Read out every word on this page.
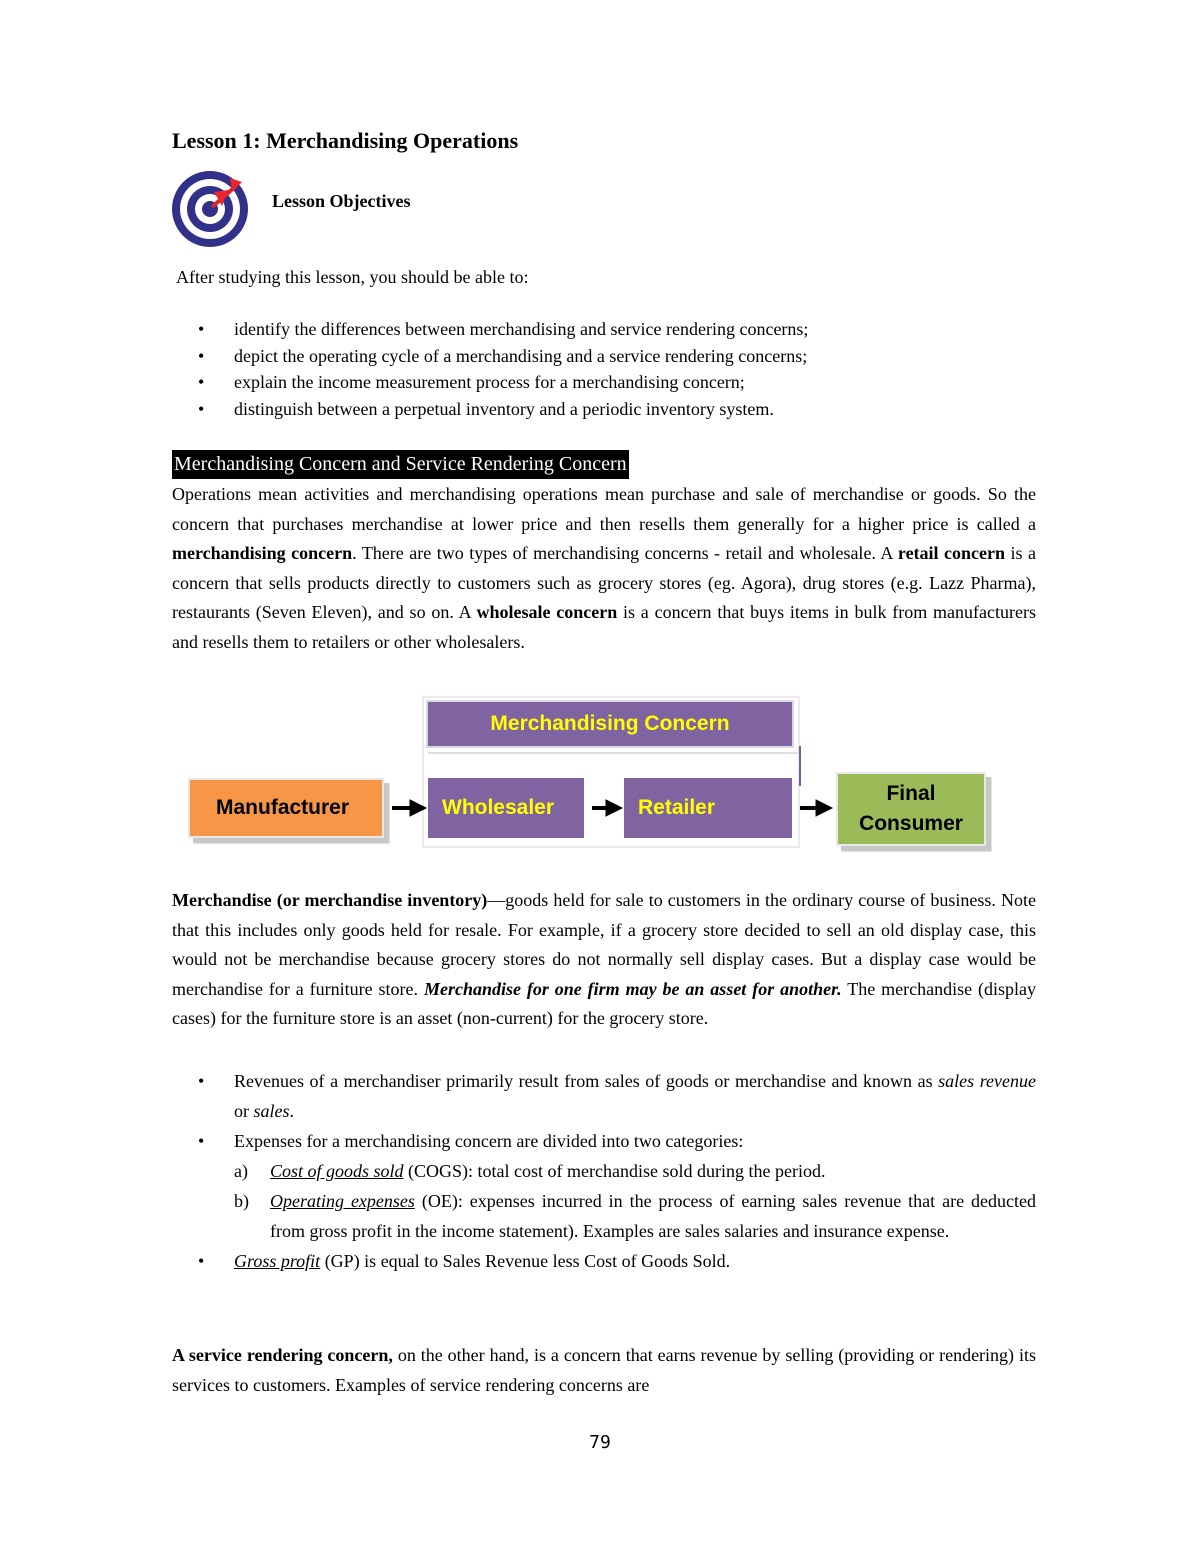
Lesson 1: Merchandising Operations
Lesson Objectives
After studying this lesson, you should be able to:
• identify the differences between merchandising and service rendering concerns;
• depict the operating cycle of a merchandising and a service rendering concerns;
• explain the income measurement process for a merchandising concern;
• distinguish between a perpetual inventory and a periodic inventory system.
Merchandising Concern and Service Rendering Concern
Operations mean activities and merchandising operations mean purchase and sale of merchandise or goods. So the concern that purchases merchandise at lower price and then resells them generally for a higher price is called a merchandising concern. There are two types of merchandising concerns - retail and wholesale. A retail concern is a concern that sells products directly to customers such as grocery stores (eg. Agora), drug stores (e.g. Lazz Pharma), restaurants (Seven Eleven), and so on. A wholesale concern is a concern that buys items in bulk from manufacturers and resells them to retailers or other wholesalers.
Merchandising Concern
Manufacturer	Wholesaler	Retailer
Final
Consumer
Merchandise (or merchandise inventory)—goods held for sale to customers in the ordinary course of business. Note that this includes only goods held for resale. For example, if a grocery store decided to sell an old display case, this would not be merchandise because grocery stores do not normally sell display cases. But a display case would be merchandise for a furniture store. Merchandise for one firm may be an asset for another. The merchandise (display cases) for the furniture store is an asset (non-current) for the grocery store.
• Revenues of a merchandiser primarily result from sales of goods or merchandise and known as sales revenue or sales.
• Expenses for a merchandising concern are divided into two categories:
a) Cost of goods sold (COGS): total cost of merchandise sold during the period.
b) Operating expenses (OE): expenses incurred in the process of earning sales revenue that are deducted from gross profit in the income statement). Examples are sales salaries and insurance expense.
• Gross profit (GP) is equal to Sales Revenue less Cost of Goods Sold.
A service rendering concern, on the other hand, is a concern that earns revenue by selling (providing or rendering) its services to customers. Examples of service rendering concerns are
79
